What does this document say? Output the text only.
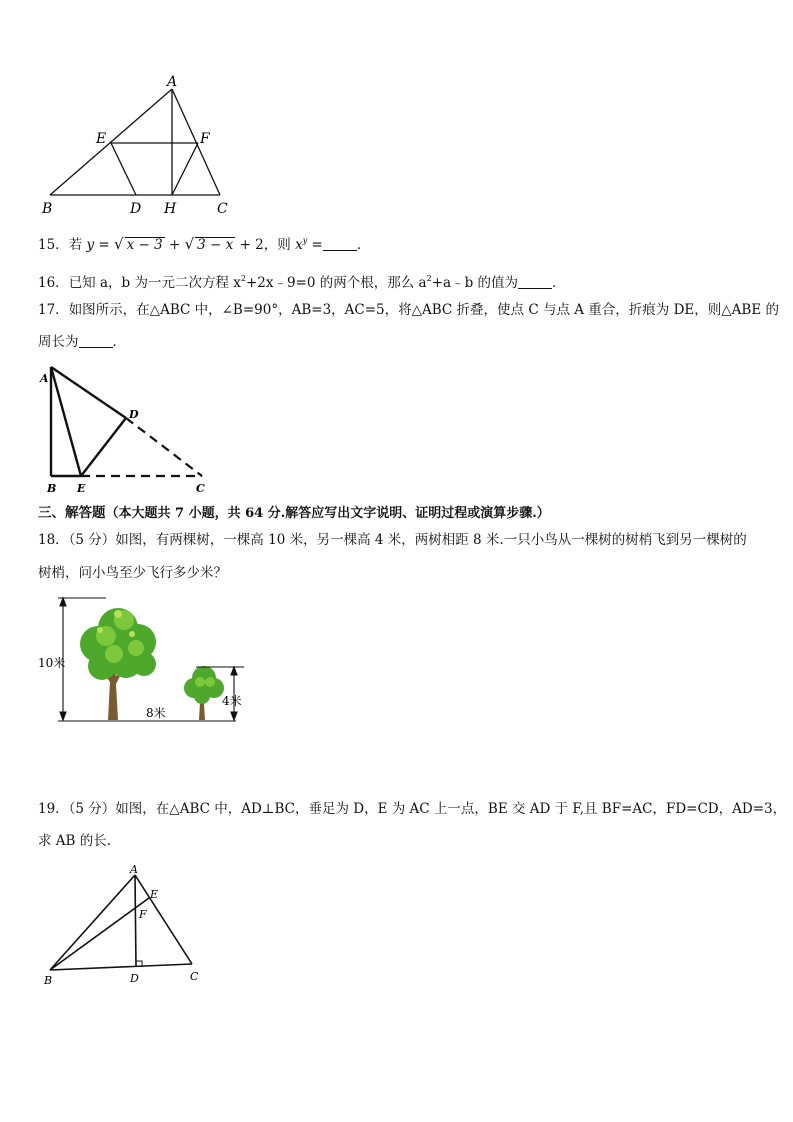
A
E	F
B	D H	C
15．若 y = √ x − 3 + √ 3 − x + 2，则 $x^y$ =	．
16．已知 a，b 为一元二次方程 $x^2+2x﹣9=0$ 的两个根，那么 $a^2+a﹣b$ 的值为	．
17．如图所示，在△ABC 中，∠B=90°，AB=3，AC=5，将△ABC 折叠，使点 C 与点 A 重合，折痕为 DE，则△ABE 的
周长为	．
A
D
B E	C
三、解答题（本大题共 7 小题，共 64 分.解答应写出文字说明、证明过程或演算步骤.）
18．（5 分）如图，有两棵树，一棵高 10 米，另一棵高 4 米，两树相距 8 米.一只小鸟从一棵树的树梢飞到另一棵树的
树梢，问小鸟至少飞行多少米？
10米
8米
4米
19．（5 分）如图，在△ABC 中，AD⊥BC，垂足为 D，E 为 AC 上一点，BE 交 AD 于 F,且 BF=AC，FD=CD，AD=3，
求 AB 的长.
A
E
F
B	D	C
